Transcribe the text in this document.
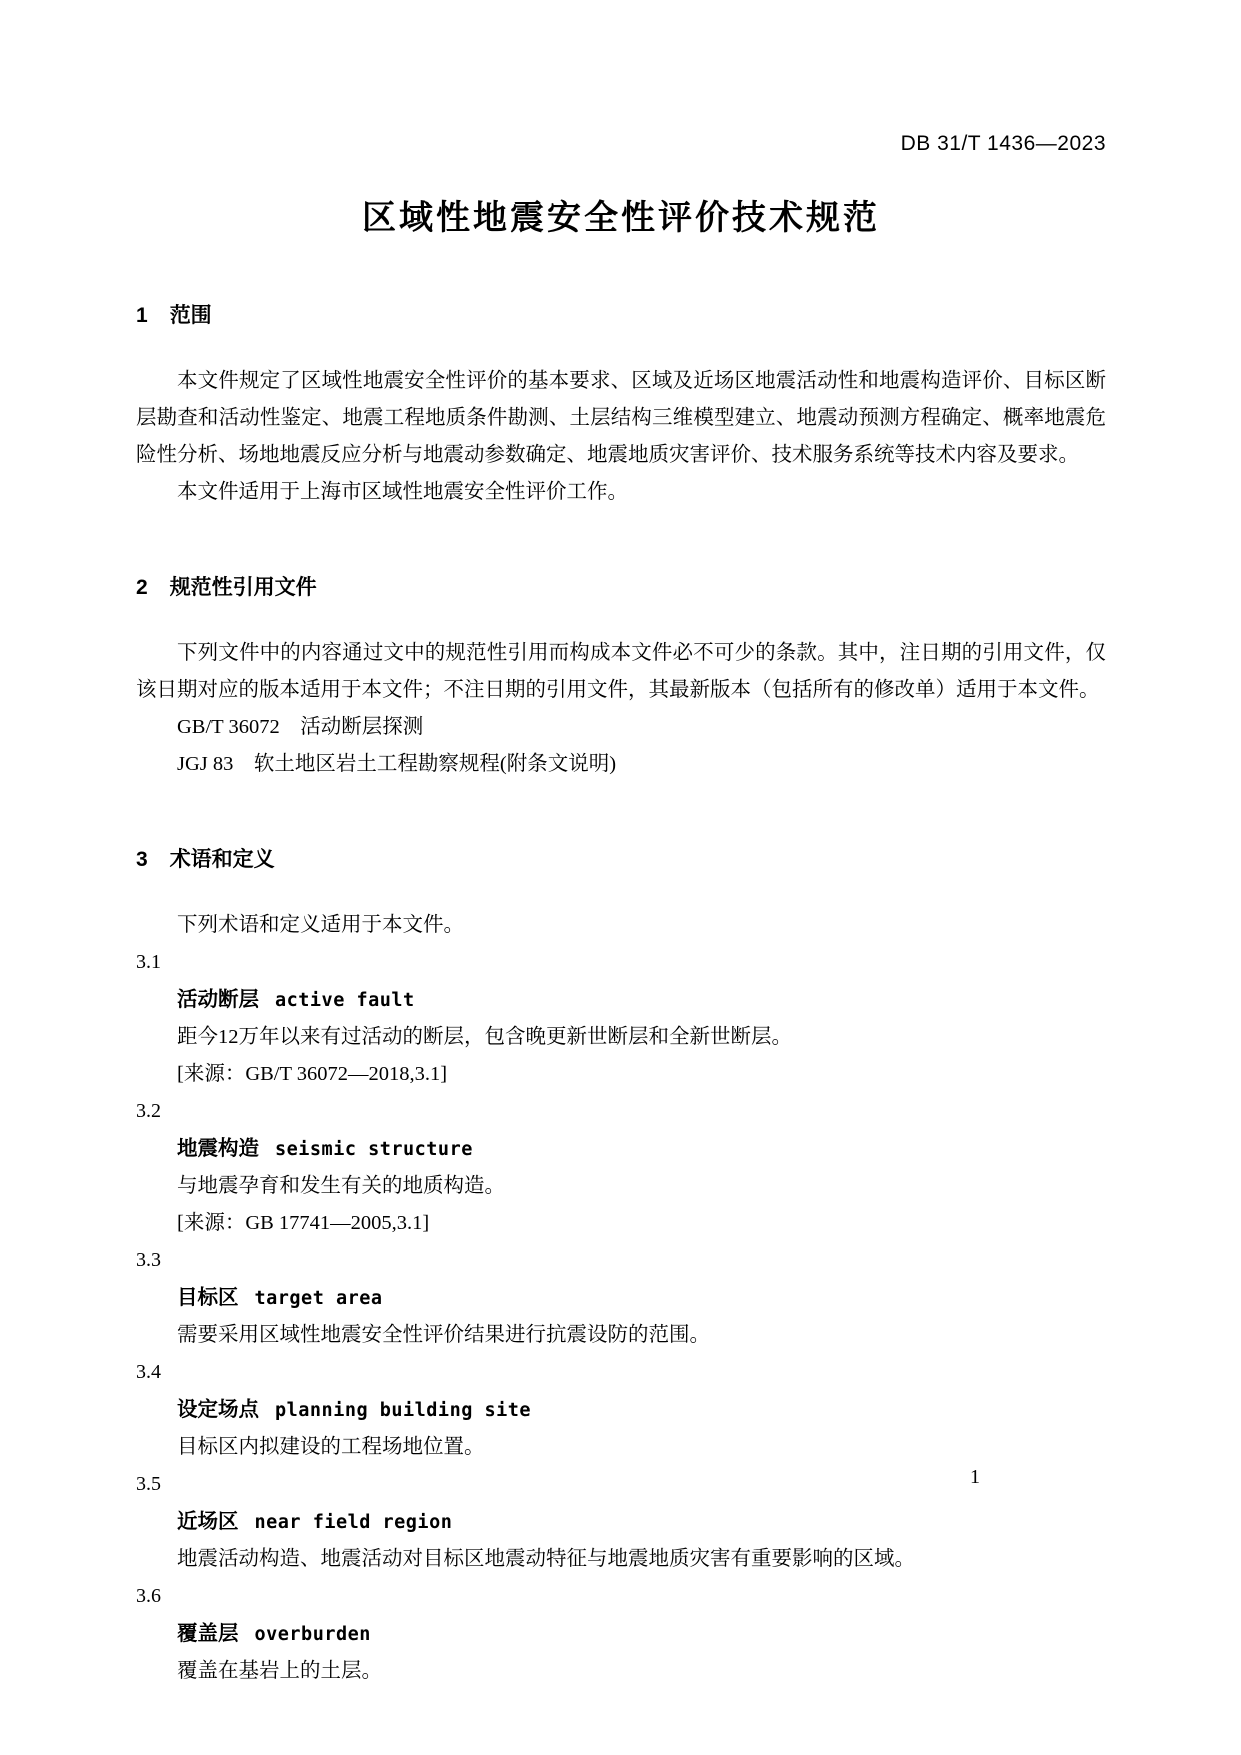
DB 31/T 1436—2023
区域性地震安全性评价技术规范
1 范围

本文件规定了区域性地震安全性评价的基本要求、区域及近场区地震活动性和地震构造评价、目标区断层勘查和活动性鉴定、地震工程地质条件勘测、土层结构三维模型建立、地震动预测方程确定、概率地震危险性分析、场地地震反应分析与地震动参数确定、地震地质灾害评价、技术服务系统等技术内容及要求。

本文件适用于上海市区域性地震安全性评价工作。

2 规范性引用文件

下列文件中的内容通过文中的规范性引用而构成本文件必不可少的条款。其中，注日期的引用文件，仅该日期对应的版本适用于本文件；不注日期的引用文件，其最新版本（包括所有的修改单）适用于本文件。

GB/T 36072　活动断层探测
JGJ 83　软土地区岩土工程勘察规程(附条文说明)
3 术语和定义

下列术语和定义适用于本文件。

3.1
活动断层 active fault
距今12万年以来有过活动的断层，包含晚更新世断层和全新世断层。
[来源：GB/T 36072—2018,3.1]
3.2
地震构造 seismic structure
与地震孕育和发生有关的地质构造。
[来源：GB 17741—2005,3.1]
3.3
目标区 target area
需要采用区域性地震安全性评价结果进行抗震设防的范围。
3.4
设定场点 planning building site
目标区内拟建设的工程场地位置。
3.5
近场区 near field region
地震活动构造、地震活动对目标区地震动特征与地震地质灾害有重要影响的区域。
3.6
覆盖层 overburden
覆盖在基岩上的土层。
1
